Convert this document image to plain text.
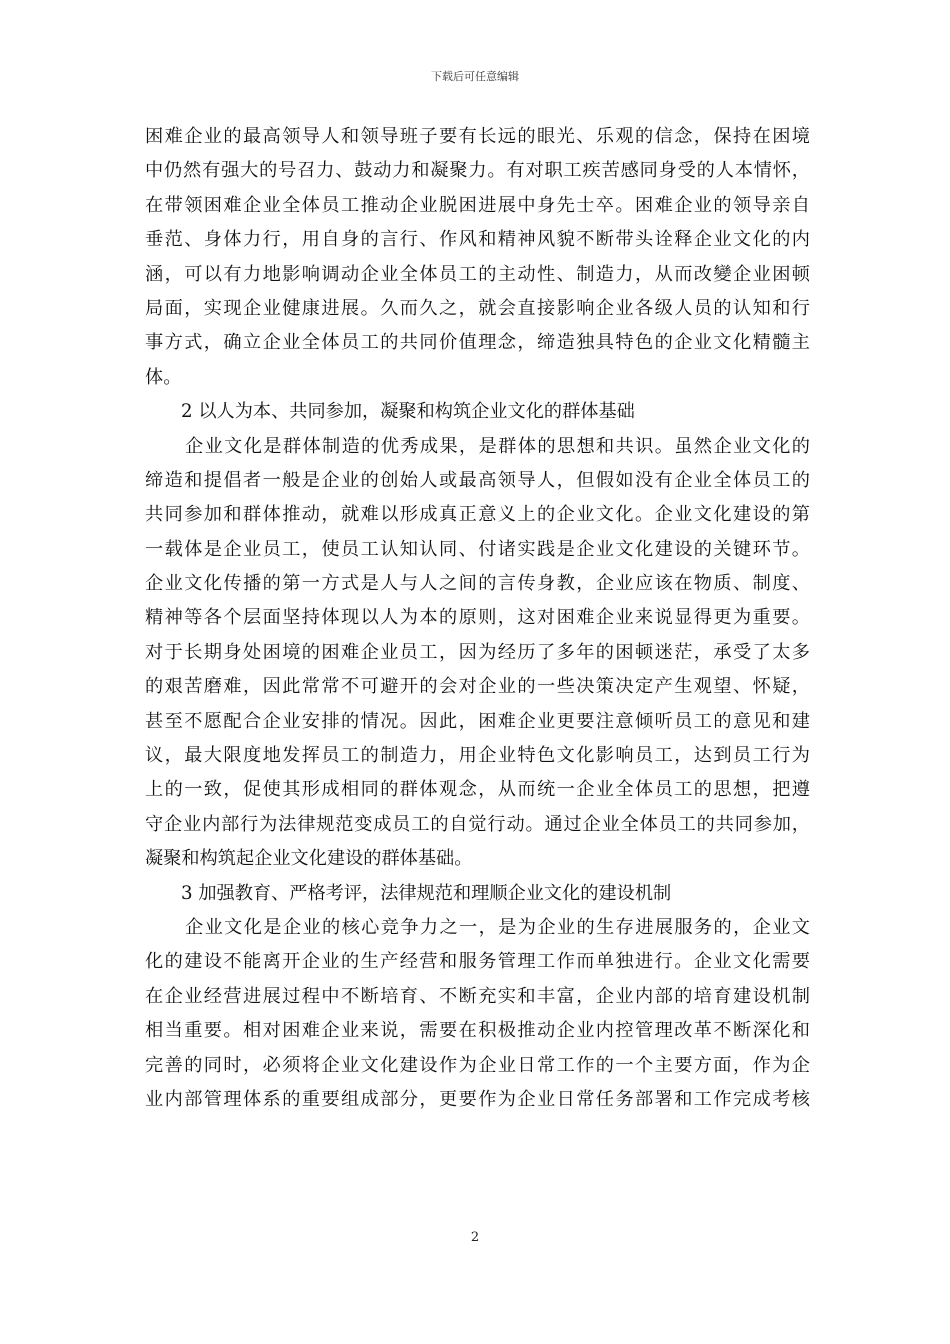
下载后可任意编辑
困难企业的最高领导人和领导班子要有长远的眼光、乐观的信念，保持在困境
中仍然有强大的号召力、鼓动力和凝聚力。有对职工疾苦感同身受的人本情怀，
在带领困难企业全体员工推动企业脱困进展中身先士卒。困难企业的领导亲自
垂范、身体力行，用自身的言行、作风和精神风貌不断带头诠释企业文化的内
涵，可以有力地影响调动企业全体员工的主动性、制造力，从而改變企业困顿
局面，实现企业健康进展。久而久之，就会直接影响企业各级人员的认知和行
事方式，确立企业全体员工的共同价值理念，缔造独具特色的企业文化精髓主
体。
2 以人为本、共同参加，凝聚和构筑企业文化的群体基础
企业文化是群体制造的优秀成果，是群体的思想和共识。虽然企业文化的
缔造和提倡者一般是企业的创始人或最高领导人，但假如没有企业全体员工的
共同参加和群体推动，就难以形成真正意义上的企业文化。企业文化建设的第
一载体是企业员工，使员工认知认同、付诸实践是企业文化建设的关键环节。
企业文化传播的第一方式是人与人之间的言传身教，企业应该在物质、制度、
精神等各个层面坚持体现以人为本的原则，这对困难企业来说显得更为重要。
对于长期身处困境的困难企业员工，因为经历了多年的困顿迷茫，承受了太多
的艰苦磨难，因此常常不可避开的会对企业的一些决策决定产生观望、怀疑，
甚至不愿配合企业安排的情况。因此，困难企业更要注意倾听员工的意见和建
议，最大限度地发挥员工的制造力，用企业特色文化影响员工，达到员工行为
上的一致，促使其形成相同的群体观念，从而统一企业全体员工的思想，把遵
守企业内部行为法律规范变成员工的自觉行动。通过企业全体员工的共同参加，
凝聚和构筑起企业文化建设的群体基础。
3 加强教育、严格考评，法律规范和理顺企业文化的建设机制
企业文化是企业的核心竞争力之一，是为企业的生存进展服务的，企业文
化的建设不能离开企业的生产经营和服务管理工作而单独进行。企业文化需要
在企业经营进展过程中不断培育、不断充实和丰富，企业内部的培育建设机制
相当重要。相对困难企业来说，需要在积极推动企业内控管理改革不断深化和
完善的同时，必须将企业文化建设作为企业日常工作的一个主要方面，作为企
业内部管理体系的重要组成部分，更要作为企业日常任务部署和工作完成考核
2
